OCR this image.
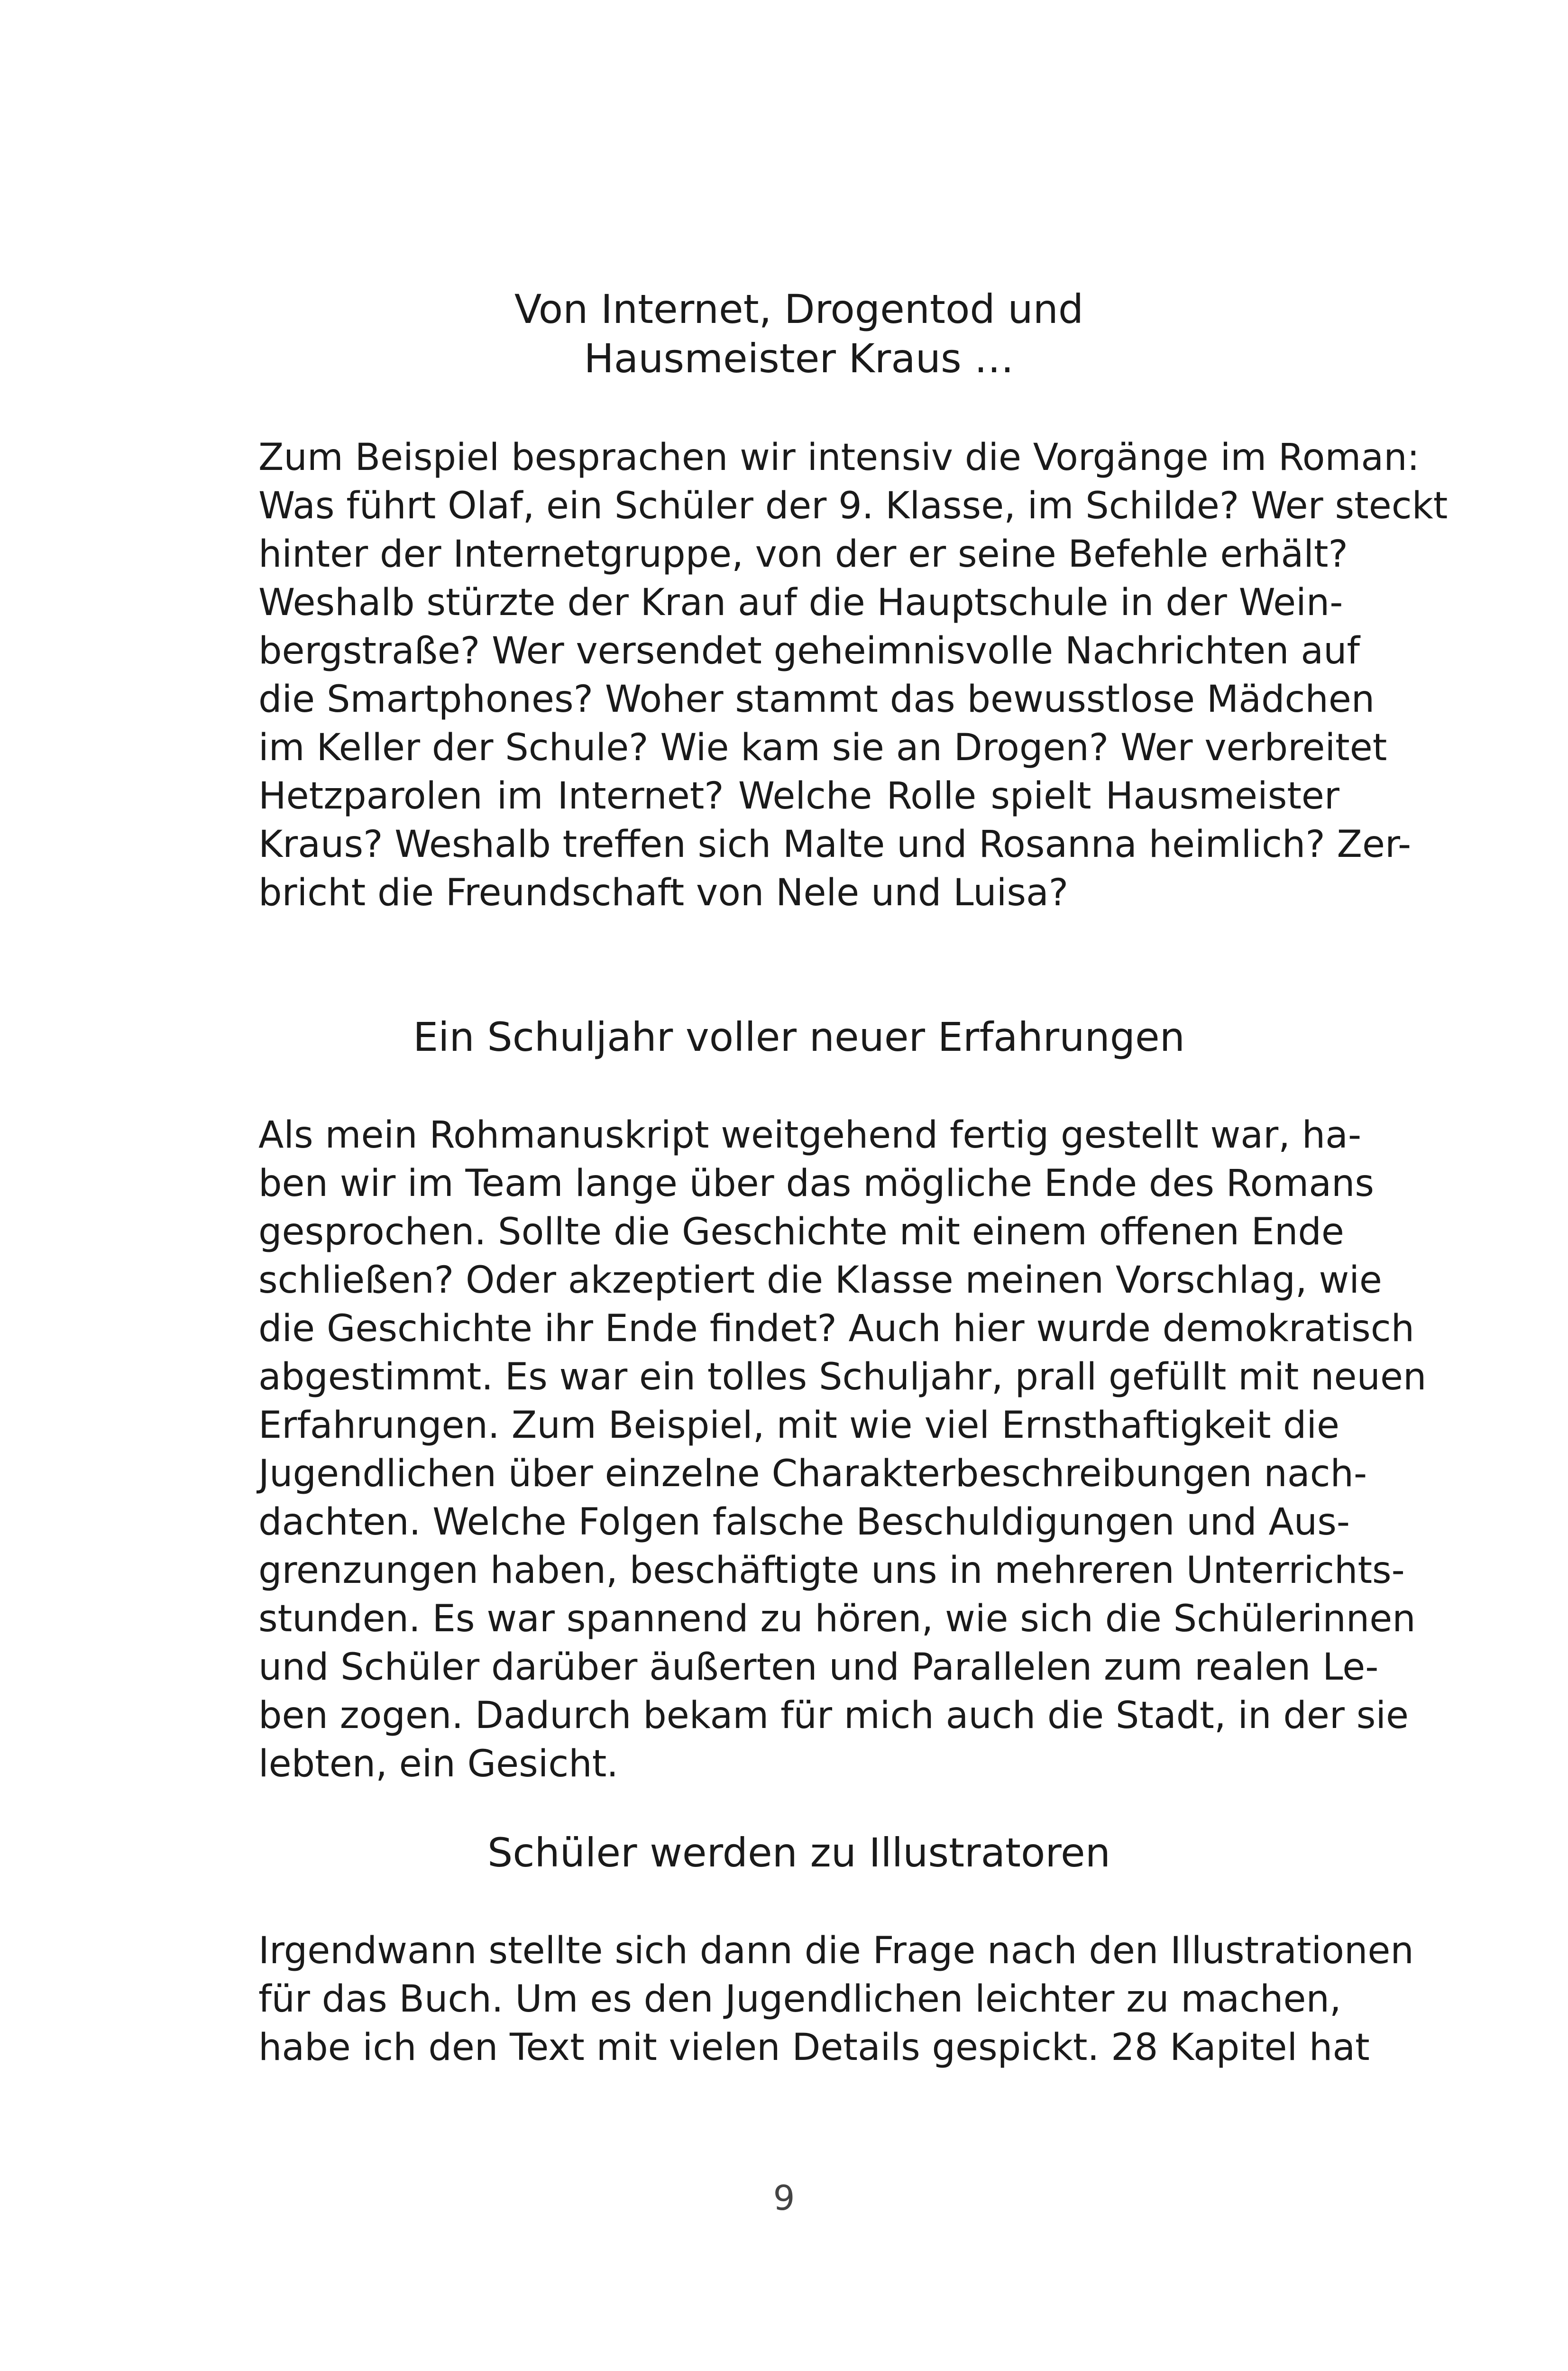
Von Internet, Drogentod und
Hausmeister Kraus …

Zum Beispiel besprachen wir intensiv die Vorgänge im Roman:
Was führt Olaf, ein Schüler der 9. Klasse, im Schilde? Wer steckt
hinter der Internetgruppe, von der er seine Befehle erhält?
Weshalb stürzte der Kran auf die Hauptschule in der Wein-
bergstraße? Wer versendet geheimnisvolle Nachrichten auf
die Smartphones? Woher stammt das bewusstlose Mädchen
im Keller der Schule? Wie kam sie an Drogen? Wer verbreitet
Hetzparolen im Internet? Welche Rolle spielt Hausmeister
Kraus? Weshalb treffen sich Malte und Rosanna heimlich? Zer-
bricht die Freundschaft von Nele und Luisa?

Ein Schuljahr voller neuer Erfahrungen

Als mein Rohmanuskript weitgehend fertig gestellt war, ha-
ben wir im Team lange über das mögliche Ende des Romans
gesprochen. Sollte die Geschichte mit einem offenen Ende
schließen? Oder akzeptiert die Klasse meinen Vorschlag, wie
die Geschichte ihr Ende findet? Auch hier wurde demokratisch
abgestimmt. Es war ein tolles Schuljahr, prall gefüllt mit neuen
Erfahrungen. Zum Beispiel, mit wie viel Ernsthaftigkeit die
Jugendlichen über einzelne Charakterbeschreibungen nach-
dachten. Welche Folgen falsche Beschuldigungen und Aus-
grenzungen haben, beschäftigte uns in mehreren Unterrichts-
stunden. Es war spannend zu hören, wie sich die Schülerinnen
und Schüler darüber äußerten und Parallelen zum realen Le-
ben zogen. Dadurch bekam für mich auch die Stadt, in der sie
lebten, ein Gesicht.

Schüler werden zu Illustratoren

Irgendwann stellte sich dann die Frage nach den Illustrationen
für das Buch. Um es den Jugendlichen leichter zu machen,
habe ich den Text mit vielen Details gespickt. 28 Kapitel hat

9
